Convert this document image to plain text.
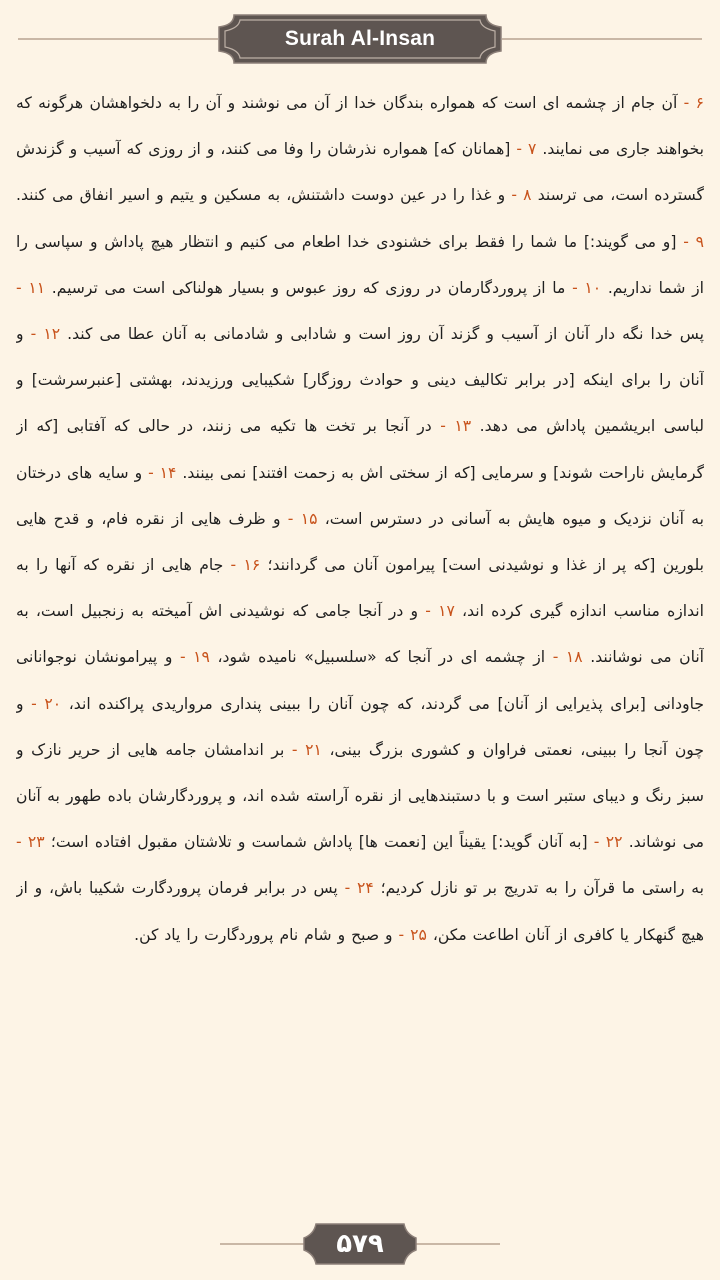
Surah Al-Insan
۶ - آن جام از چشمه ای است که همواره بندگان خدا از آن می نوشند و آن را به دلخواهشان هرگونه که بخواهند جاری می نمایند. ۷ - [همانان که] همواره نذرشان را وفا می کنند، و از روزی که آسیب و گزندش گسترده است، می ترسند ۸ - و غذا را در عین دوست داشتنش، به مسکین و یتیم و اسیر انفاق می کنند. ۹ - [و می گویند:] ما شما را فقط برای خشنودی خدا اطعام می کنیم و انتظار هیچ پاداش و سپاسی را از شما نداریم. ۱۰ - ما از پروردگارمان در روزی که روز عبوس و بسیار هولناکی است می ترسیم. ۱۱ - پس خدا نگه دار آنان از آسیب و گزند آن روز است و شادابی و شادمانی به آنان عطا می کند. ۱۲ - و آنان را برای اینکه [در برابر تکالیف دینی و حوادث روزگار] شکیبایی ورزیدند، بهشتی [عنبرسرشت] و لباسی ابریشمین پاداش می دهد. ۱۳ - در آنجا بر تخت ها تکیه می زنند، در حالی که آفتابی [که از گرمایش ناراحت شوند] و سرمایی [که از سختی اش به زحمت افتند] نمی بینند. ۱۴ - و سایه های درختان به آنان نزدیک و میوه هایش به آسانی در دسترس است، ۱۵ - و ظرف هایی از نقره فام، و قدح هایی بلورین [که پر از غذا و نوشیدنی است] پیرامون آنان می گردانند؛ ۱۶ - جام هایی از نقره که آنها را به اندازه مناسب اندازه گیری کرده اند، ۱۷ - و در آنجا جامی که نوشیدنی اش آمیخته به زنجبیل است، به آنان می نوشانند. ۱۸ - از چشمه ای در آنجا که «سلسبیل» نامیده شود، ۱۹ - و پیرامونشان نوجوانانی جاودانی [برای پذیرایی از آنان] می گردند، که چون آنان را ببینی پنداری مرواریدی پراکنده اند، ۲۰ - و چون آنجا را ببینی، نعمتی فراوان و کشوری بزرگ بینی، ۲۱ - بر اندامشان جامه هایی از حریر نازک و سبز رنگ و دیبای ستبر است و با دستبندهایی از نقره آراسته شده اند، و پروردگارشان باده طهور به آنان می نوشاند. ۲۲ - [به آنان گوید:] یقیناً این [نعمت ها] پاداش شماست و تلاشتان مقبول افتاده است؛ ۲۳ - به راستی ما قرآن را به تدریج بر تو نازل کردیم؛ ۲۴ - پس در برابر فرمان پروردگارت شکیبا باش، و از هیچ گنهکار یا کافری از آنان اطاعت مکن، ۲۵ - و صبح و شام نام پروردگارت را یاد کن.
۵۷۹
